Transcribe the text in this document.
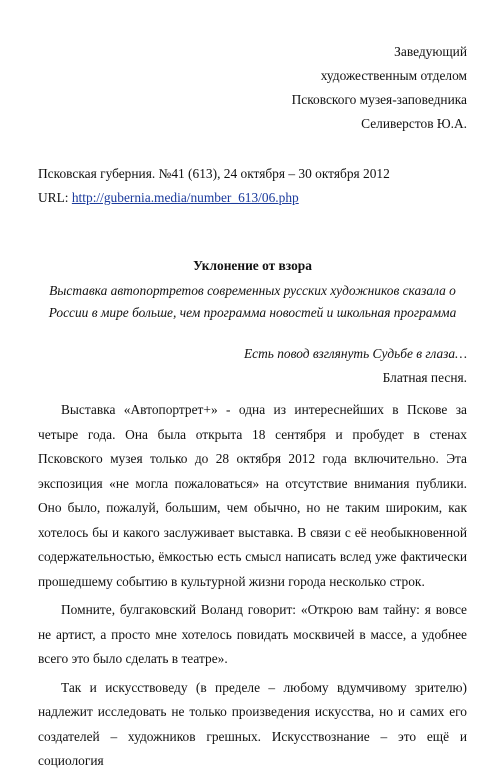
Заведующий
художественным отделом
Псковского музея-заповедника
Селиверстов Ю.А.
Псковская губерния. №41 (613), 24 октября – 30 октября 2012
URL: http://gubernia.media/number_613/06.php
Уклонение от взора
Выставка автопортретов современных русских художников сказала о России в мире больше, чем программа новостей и школьная программа
Есть повод взглянуть Судьбе в глаза…
Блатная песня.

Выставка «Автопортрет+» - одна из интереснейших в Пскове за четыре года. Она была открыта 18 сентября и пробудет в стенах Псковского музея только до 28 октября 2012 года включительно. Эта экспозиция «не могла пожаловаться» на отсутствие внимания публики. Оно было, пожалуй, большим, чем обычно, но не таким широким, как хотелось бы и какого заслуживает выставка. В связи с её необыкновенной содержательностью, ёмкостью есть смысл написать вслед уже фактически прошедшему событию в культурной жизни города несколько строк.

Помните, булгаковский Воланд говорит: «Открою вам тайну: я вовсе не артист, а просто мне хотелось повидать москвичей в массе, а удобнее всего это было сделать в театре».

Так и искусствоведу (в пределе – любому вдумчивому зрителю) надлежит исследовать не только произведения искусства, но и самих его создателей – художников грешных. Искусствознание – это ещё и социология
